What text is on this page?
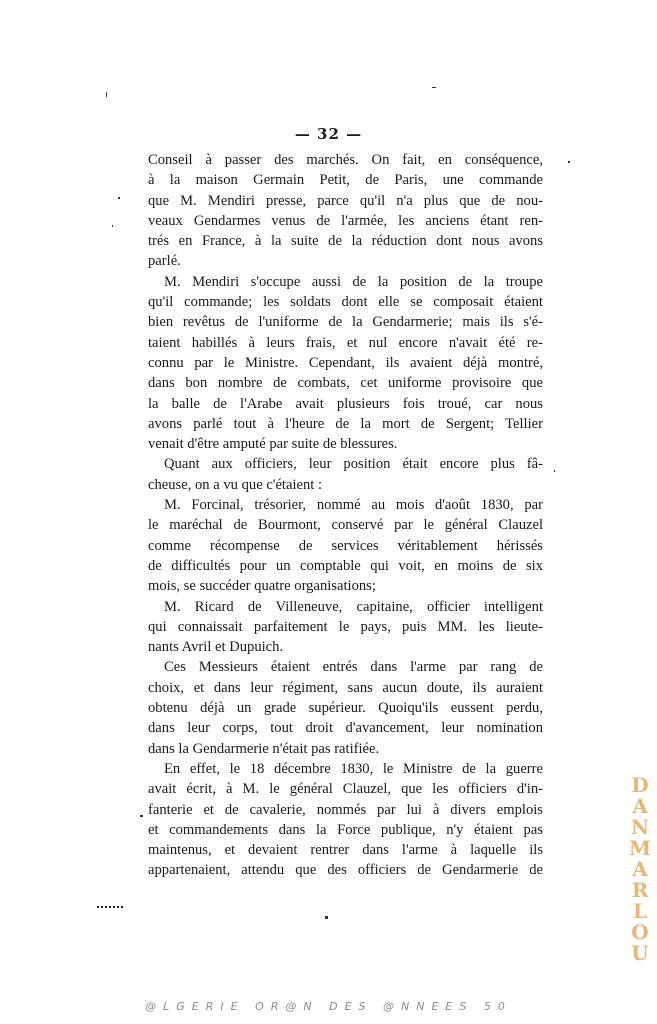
— 32 —
Conseil à passer des marchés. On fait, en conséquence,
à la maison Germain Petit, de Paris, une commande
que M. Mendiri presse, parce qu'il n'a plus que de nou-
veaux Gendarmes venus de l'armée, les anciens étant ren-
trés en France, à la suite de la réduction dont nous avons
parlé.
M. Mendiri s'occupe aussi de la position de la troupe
qu'il commande; les soldats dont elle se composait étaient
bien revêtus de l'uniforme de la Gendarmerie; mais ils s'é-
taient habillés à leurs frais, et nul encore n'avait été re-
connu par le Ministre. Cependant, ils avaient déjà montré,
dans bon nombre de combats, cet uniforme provisoire que
la balle de l'Arabe avait plusieurs fois troué, car nous
avons parlé tout à l'heure de la mort de Sergent; Tellier
venait d'être amputé par suite de blessures.
Quant aux officiers, leur position était encore plus fâ-
cheuse, on a vu que c'étaient :
M. Forcinal, trésorier, nommé au mois d'août 1830, par
le maréchal de Bourmont, conservé par le général Clauzel
comme récompense de services véritablement hérissés
de difficultés pour un comptable qui voit, en moins de six
mois, se succéder quatre organisations;
M. Ricard de Villeneuve, capitaine, officier intelligent
qui connaissait parfaitement le pays, puis MM. les lieute-
nants Avril et Dupuich.
Ces Messieurs étaient entrés dans l'arme par rang de
choix, et dans leur régiment, sans aucun doute, ils auraient
obtenu déjà un grade supérieur. Quoiqu'ils eussent perdu,
dans leur corps, tout droit d'avancement, leur nomination
dans la Gendarmerie n'était pas ratifiée.
En effet, le 18 décembre 1830, le Ministre de la guerre
avait écrit, à M. le général Clauzel, que les officiers d'in-
fanterie et de cavalerie, nommés par lui à divers emplois
et commandements dans la Force publique, n'y étaient pas
maintenus, et devaient rentrer dans l'arme à laquelle ils
appartenaient, attendu que des officiers de Gendarmerie de
D
A
N
M
A
R
L
O
U
@LGERIE OR@N DES @NNEES 50
